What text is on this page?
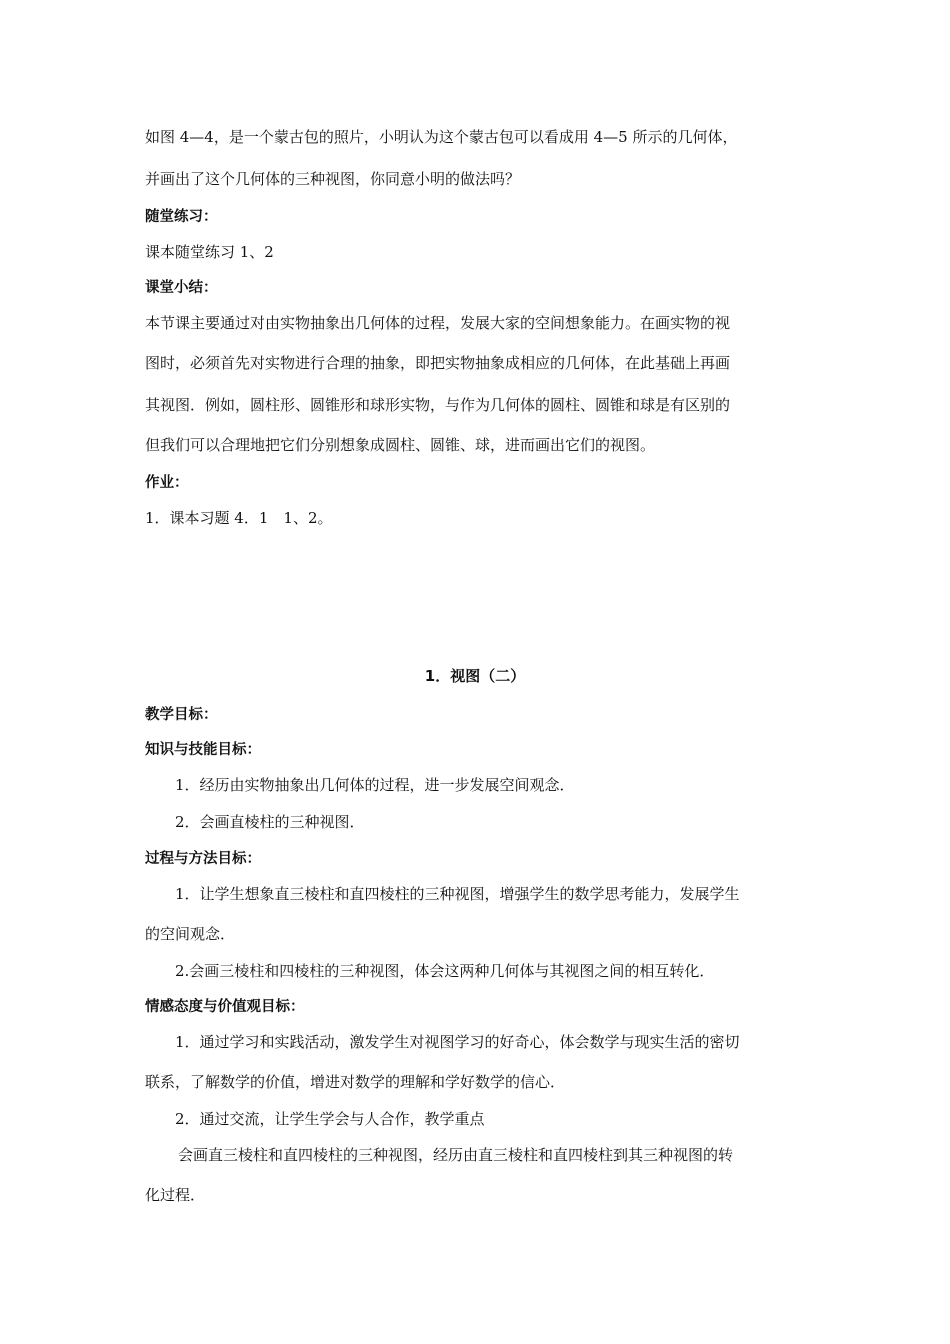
如图 4—4，是一个蒙古包的照片，小明认为这个蒙古包可以看成用 4—5 所示的几何体，
并画出了这个几何体的三种视图，你同意小明的做法吗？
随堂练习：
课本随堂练习 1、2
课堂小结：
本节课主要通过对由实物抽象出几何体的过程，发展大家的空间想象能力。在画实物的视
图时，必须首先对实物进行合理的抽象，即把实物抽象成相应的几何体，在此基础上再画
其视图．例如，圆柱形、圆锥形和球形实物，与作为几何体的圆柱、圆锥和球是有区别的
但我们可以合理地把它们分别想象成圆柱、圆锥、球，进而画出它们的视图。
作业：
1．课本习题 4．1　1、2。
1．视图（二）
教学目标：
知识与技能目标：
1．经历由实物抽象出几何体的过程，进一步发展空间观念．
2．会画直棱柱的三种视图．
过程与方法目标：
1．让学生想象直三棱柱和直四棱柱的三种视图，增强学生的数学思考能力，发展学生
的空间观念．
2.会画三棱柱和四棱柱的三种视图，体会这两种几何体与其视图之间的相互转化．
情感态度与价值观目标：
1．通过学习和实践活动，激发学生对视图学习的好奇心，体会数学与现实生活的密切
联系，了解数学的价值，增进对数学的理解和学好数学的信心．
2．通过交流，让学生学会与人合作，教学重点
会画直三棱柱和直四棱柱的三种视图，经历由直三棱柱和直四棱柱到其三种视图的转
化过程．
